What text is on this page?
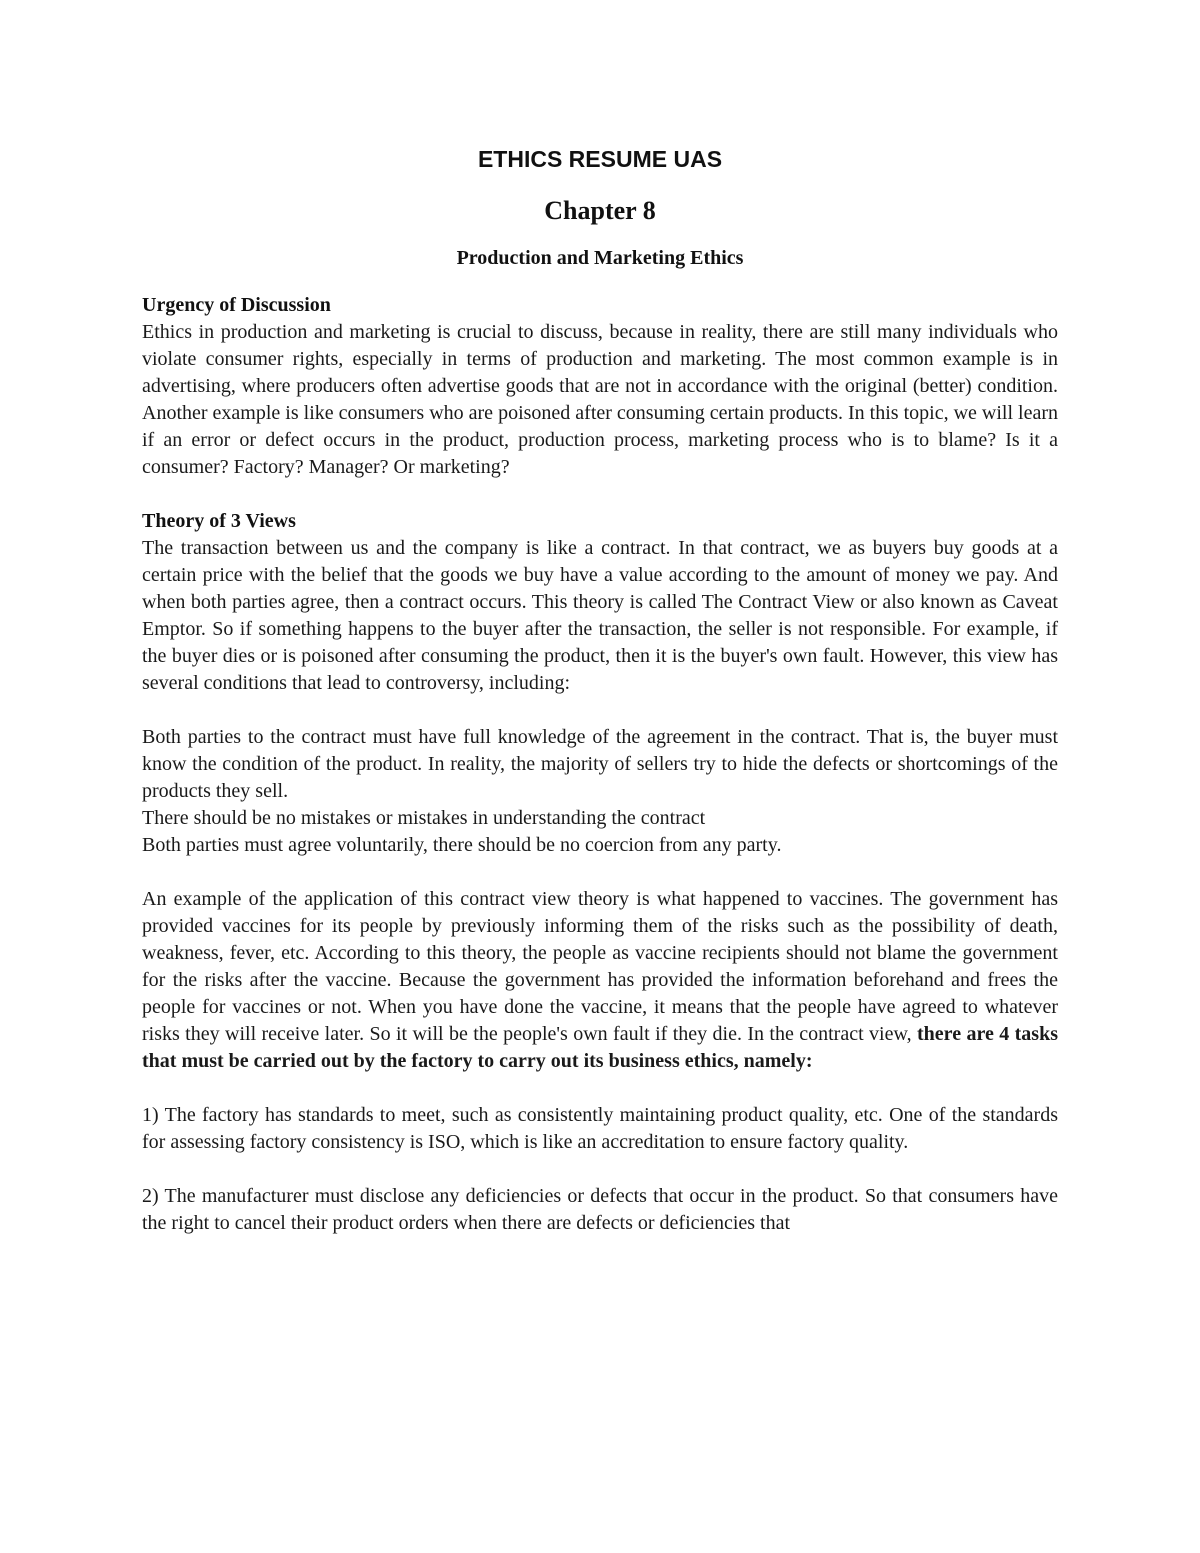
ETHICS RESUME UAS
Chapter 8
Production and Marketing Ethics

Urgency of Discussion

Ethics in production and marketing is crucial to discuss, because in reality, there are still many individuals who violate consumer rights, especially in terms of production and marketing. The most common example is in advertising, where producers often advertise goods that are not in accordance with the original (better) condition. Another example is like consumers who are poisoned after consuming certain products. In this topic, we will learn if an error or defect occurs in the product, production process, marketing process who is to blame? Is it a consumer? Factory? Manager? Or marketing?

Theory of 3 Views

The transaction between us and the company is like a contract. In that contract, we as buyers buy goods at a certain price with the belief that the goods we buy have a value according to the amount of money we pay. And when both parties agree, then a contract occurs. This theory is called The Contract View or also known as Caveat Emptor. So if something happens to the buyer after the transaction, the seller is not responsible. For example, if the buyer dies or is poisoned after consuming the product, then it is the buyer's own fault. However, this view has several conditions that lead to controversy, including:

Both parties to the contract must have full knowledge of the agreement in the contract. That is, the buyer must know the condition of the product. In reality, the majority of sellers try to hide the defects or shortcomings of the products they sell.

There should be no mistakes or mistakes in understanding the contract

Both parties must agree voluntarily, there should be no coercion from any party.

An example of the application of this contract view theory is what happened to vaccines. The government has provided vaccines for its people by previously informing them of the risks such as the possibility of death, weakness, fever, etc. According to this theory, the people as vaccine recipients should not blame the government for the risks after the vaccine. Because the government has provided the information beforehand and frees the people for vaccines or not. When you have done the vaccine, it means that the people have agreed to whatever risks they will receive later. So it will be the people's own fault if they die. In the contract view, there are 4 tasks that must be carried out by the factory to carry out its business ethics, namely:

1) The factory has standards to meet, such as consistently maintaining product quality, etc. One of the standards for assessing factory consistency is ISO, which is like an accreditation to ensure factory quality.

2) The manufacturer must disclose any deficiencies or defects that occur in the product. So that consumers have the right to cancel their product orders when there are defects or deficiencies that
